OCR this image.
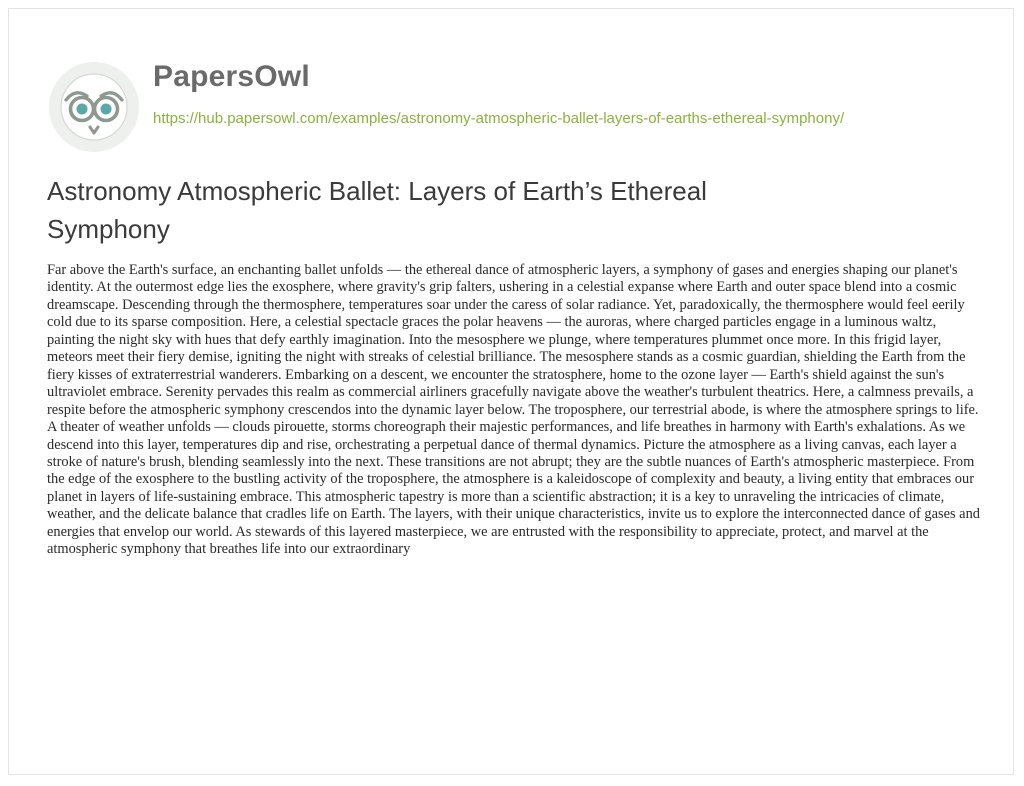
PapersOwl
https://hub.papersowl.com/examples/astronomy-atmospheric-ballet-layers-of-earths-ethereal-symphony/
Astronomy Atmospheric Ballet: Layers of Earth’s Ethereal Symphony

Far above the Earth's surface, an enchanting ballet unfolds — the ethereal dance of atmospheric layers, a symphony of gases and energies shaping our planet's identity. At the outermost edge lies the exosphere, where gravity's grip falters, ushering in a celestial expanse where Earth and outer space blend into a cosmic dreamscape. Descending through the thermosphere, temperatures soar under the caress of solar radiance. Yet, paradoxically, the thermosphere would feel eerily cold due to its sparse composition. Here, a celestial spectacle graces the polar heavens — the auroras, where charged particles engage in a luminous waltz, painting the night sky with hues that defy earthly imagination. Into the mesosphere we plunge, where temperatures plummet once more. In this frigid layer, meteors meet their fiery demise, igniting the night with streaks of celestial brilliance. The mesosphere stands as a cosmic guardian, shielding the Earth from the fiery kisses of extraterrestrial wanderers. Embarking on a descent, we encounter the stratosphere, home to the ozone layer — Earth's shield against the sun's ultraviolet embrace. Serenity pervades this realm as commercial airliners gracefully navigate above the weather's turbulent theatrics. Here, a calmness prevails, a respite before the atmospheric symphony crescendos into the dynamic layer below. The troposphere, our terrestrial abode, is where the atmosphere springs to life. A theater of weather unfolds — clouds pirouette, storms choreograph their majestic performances, and life breathes in harmony with Earth's exhalations. As we descend into this layer, temperatures dip and rise, orchestrating a perpetual dance of thermal dynamics. Picture the atmosphere as a living canvas, each layer a stroke of nature's brush, blending seamlessly into the next. These transitions are not abrupt; they are the subtle nuances of Earth's atmospheric masterpiece. From the edge of the exosphere to the bustling activity of the troposphere, the atmosphere is a kaleidoscope of complexity and beauty, a living entity that embraces our planet in layers of life-sustaining embrace. This atmospheric tapestry is more than a scientific abstraction; it is a key to unraveling the intricacies of climate, weather, and the delicate balance that cradles life on Earth. The layers, with their unique characteristics, invite us to explore the interconnected dance of gases and energies that envelop our world. As stewards of this layered masterpiece, we are entrusted with the responsibility to appreciate, protect, and marvel at the atmospheric symphony that breathes life into our extraordinary
